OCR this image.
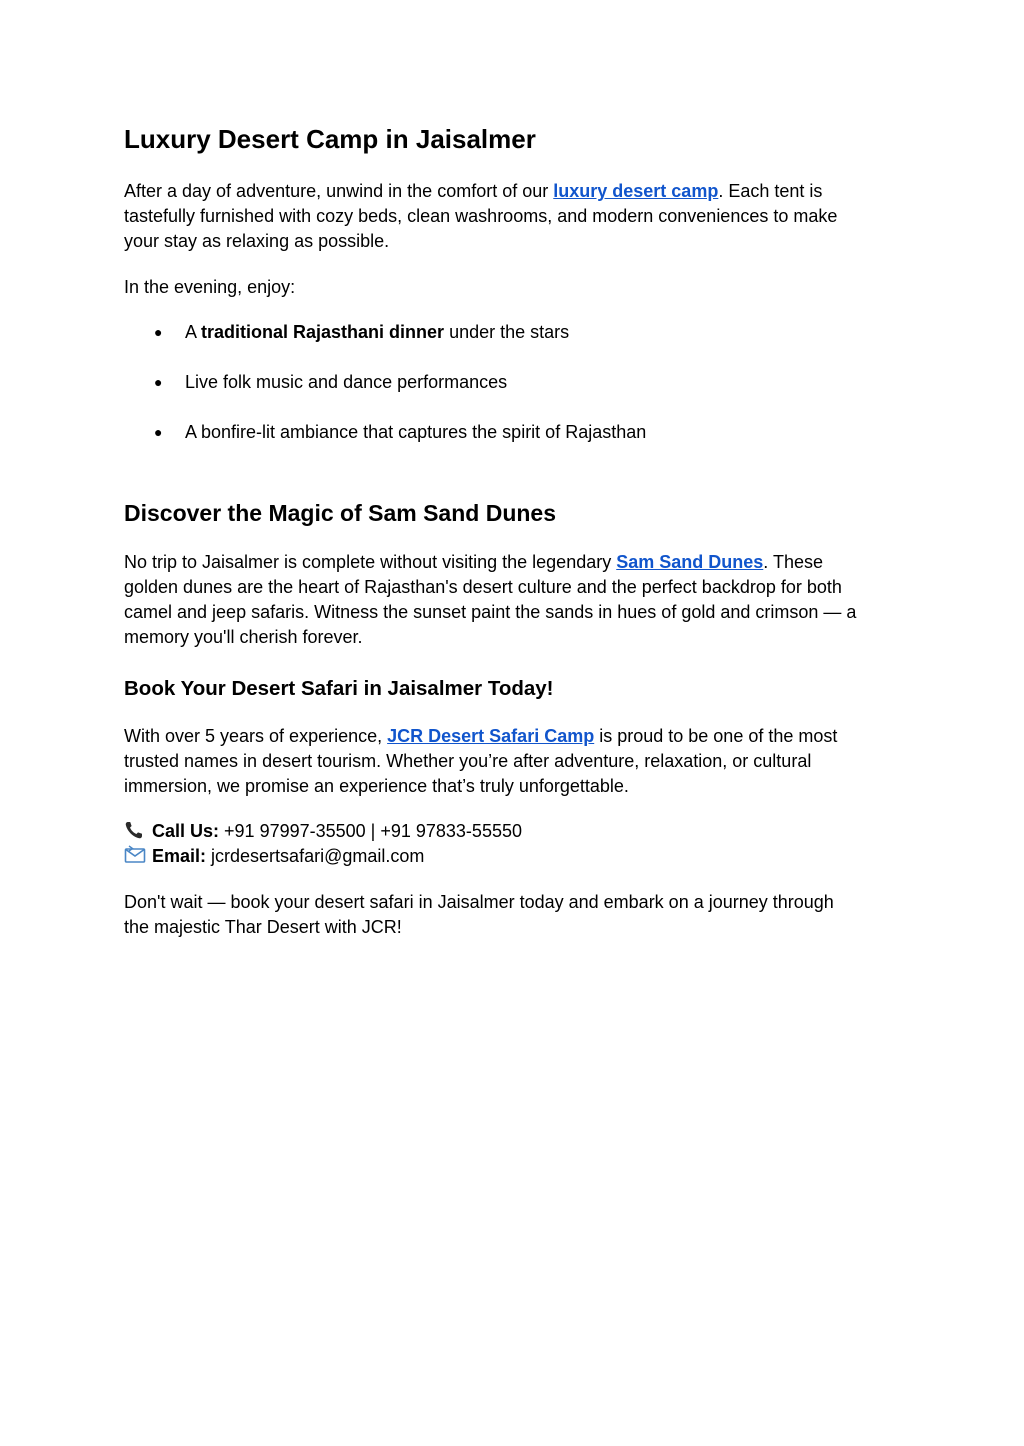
Luxury Desert Camp in Jaisalmer

After a day of adventure, unwind in the comfort of our luxury desert camp. Each tent is
tastefully furnished with cozy beds, clean washrooms, and modern conveniences to make
your stay as relaxing as possible.

In the evening, enjoy:

● A traditional Rajasthani dinner under the stars
● Live folk music and dance performances
● A bonfire-lit ambiance that captures the spirit of Rajasthan
Discover the Magic of Sam Sand Dunes

No trip to Jaisalmer is complete without visiting the legendary Sam Sand Dunes. These
golden dunes are the heart of Rajasthan's desert culture and the perfect backdrop for both
camel and jeep safaris. Witness the sunset paint the sands in hues of gold and crimson — a
memory you'll cherish forever.

Book Your Desert Safari in Jaisalmer Today!

With over 5 years of experience, JCR Desert Safari Camp is proud to be one of the most
trusted names in desert tourism. Whether you’re after adventure, relaxation, or cultural
immersion, we promise an experience that’s truly unforgettable.

Call Us: +91 97997-35500 | +91 97833-55550
Email: jcrdesertsafari@gmail.com

Don't wait — book your desert safari in Jaisalmer today and embark on a journey through
the majestic Thar Desert with JCR!
